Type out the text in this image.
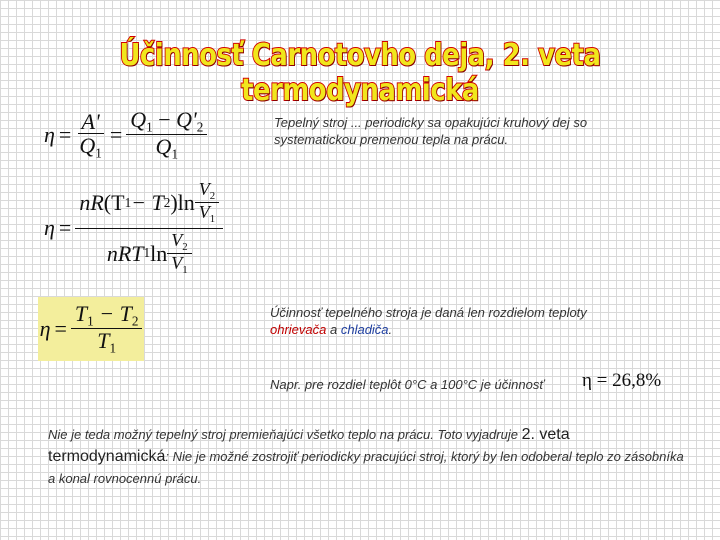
Účinnosť Carnotovho deja, 2. veta termodynamická
$\eta = \frac{A'}{Q_1} = \frac{Q_1 - Q'_2}{Q_1}$
η =
nR (T 1 − T 2 ) $\ln \frac{V_2}{V_1}$
nRT 1 $\ln \frac{V_2}{V_1}$
$\eta = \frac{T_1 - T_2}{T_1}$
Tepelný stroj ... periodicky sa opakujúci kruhový dej so systematickou premenou tepla na prácu.
Účinnosť tepelného stroja je daná len rozdielom teploty ohrievača a chladiča.
Napr. pre rozdiel teplôt 0°C a 100°C je účinnosť	η = 26,8%
Nie je teda možný tepelný stroj premieňajúci všetko teplo na prácu. Toto vyjadruje 2. veta termodynamická: Nie je možné zostrojiť periodicky pracujúci stroj, ktorý by len odoberal teplo zo zásobníka a konal rovnocennú prácu.
